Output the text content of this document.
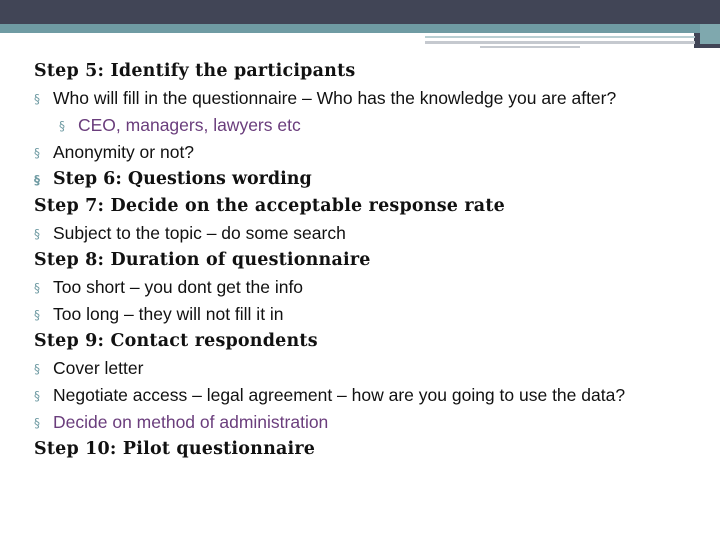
Step 5: Identify the participants
§ Who will fill in the questionnaire – Who has the knowledge you are after?
§ CEO, managers, lawyers etc
§ Anonymity or not?
§ Step 6: Questions wording
Step 7: Decide on the acceptable response rate
§ Subject to the topic – do some search
Step 8: Duration of questionnaire
§ Too short – you dont get the info
§ Too long – they will not fill it in
Step 9: Contact respondents
§ Cover letter
§ Negotiate access – legal agreement – how are you going to use the data?
§ Decide on method of administration
Step 10: Pilot questionnaire
